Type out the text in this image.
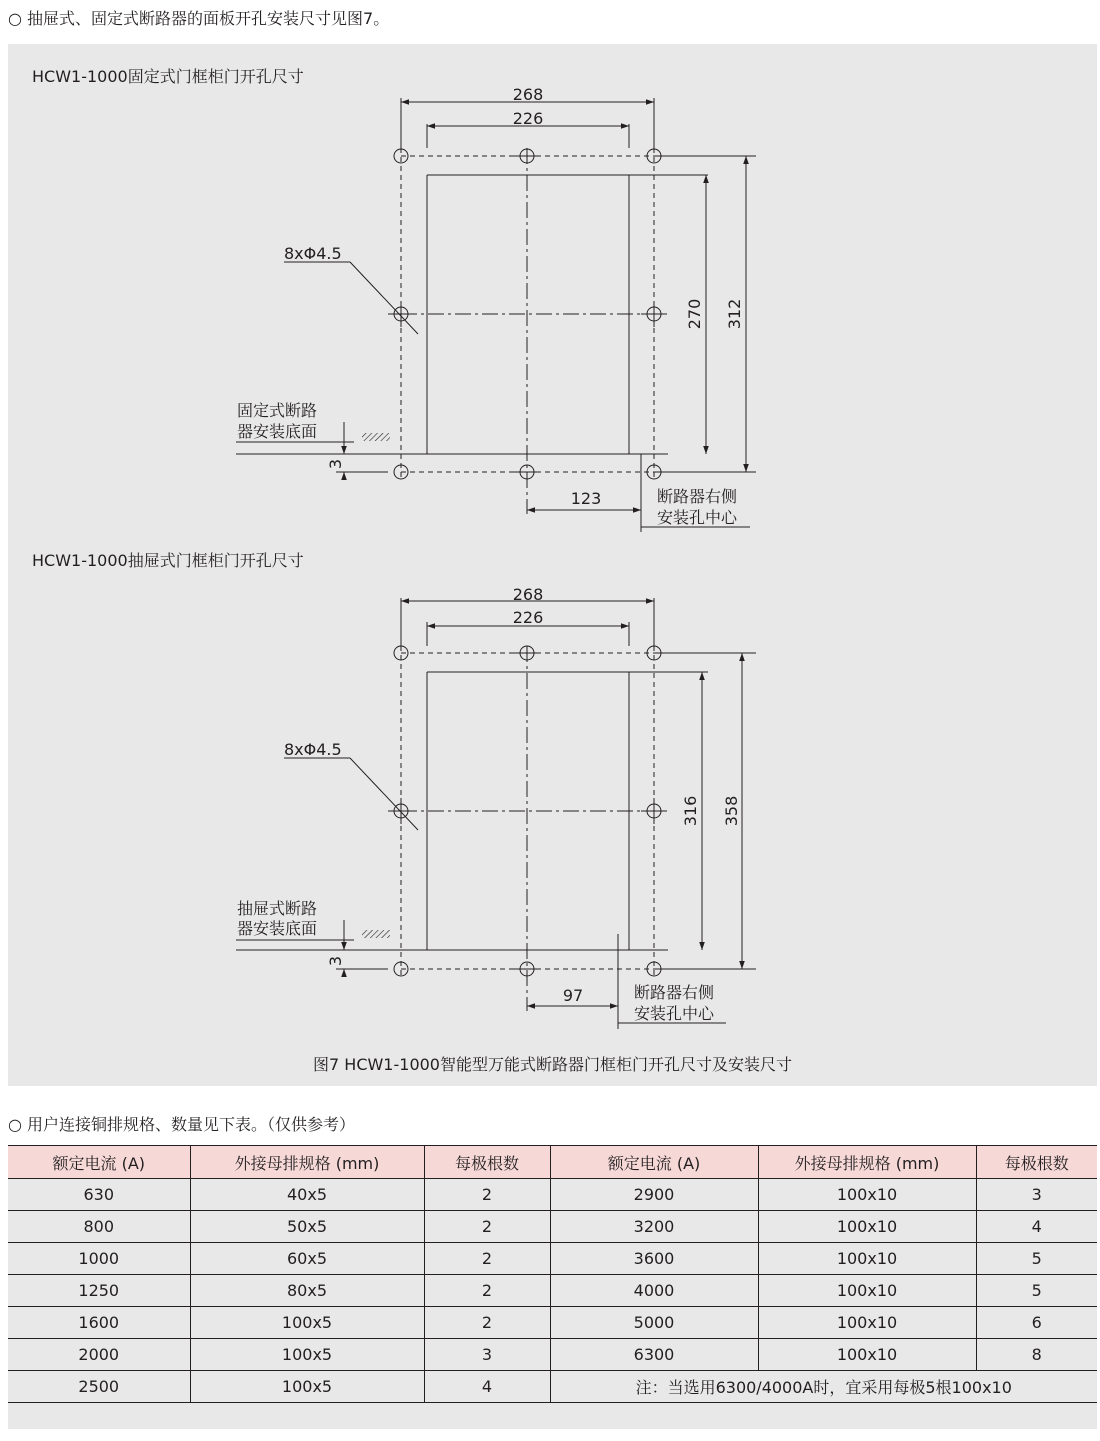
○ 抽屉式、固定式断路器的面板开孔安装尺寸见图7。
HCW1-1000固定式门框柜门开孔尺寸
HCW1-1000抽屉式门框柜门开孔尺寸
268
226
270 312
8xΦ4.5
固定式断路
器安装底面
3
123	断路器右侧
安装孔中心
268
226
316 358
8xΦ4.5
抽屉式断路
器安装底面
3
97	断路器右侧
安装孔中心
图7 HCW1-1000智能型万能式断路器门框柜门开孔尺寸及安装尺寸
○ 用户连接铜排规格、数量见下表。（仅供参考）
额定电流 (A)	外接母排规格 (mm)	每极根数	额定电流 (A)	外接母排规格 (mm)	每极根数
630	40x5	2	2900	100x10	3
800	50x5	2	3200	100x10	4
1000	60x5	2	3600	100x10	5
1250	80x5	2	4000	100x10	5
1600	100x5	2	5000	100x10	6
2000	100x5	3	6300	100x10	8
2500	100x5	4	注：当选用6300/4000A时，宜采用每极5根100x10		
